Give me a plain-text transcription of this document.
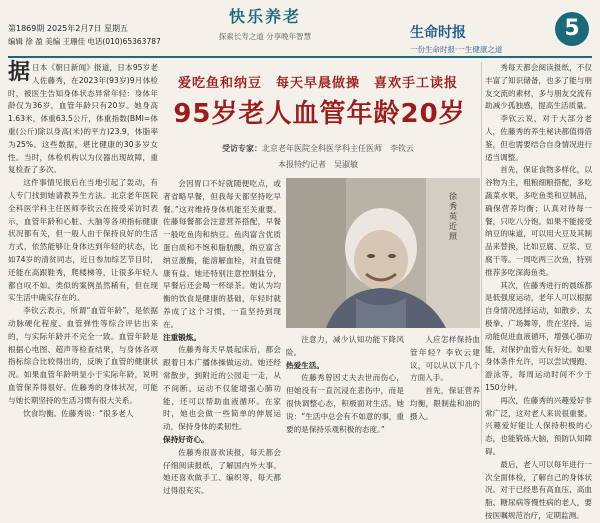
第1869期 2025年2月7日 星期五
编辑 徐 盈 美编 王珊佳 电话(010)65363787
快乐养老
探索长寿之道 分享晚年智慧	生命时报
一份生命时报·一生健康之道
5

据日本《朝日新闻》报道，日本95岁老人佐藤秀，在2023年(93岁)9月体检时，被医生告知身体状态异常年轻：身体年龄仅为36岁，血管年龄只有20岁。她身高1.63米，体重63.5公斤，体重指数(BMI=体重(公斤)除以身高(米)的平方)23.9，体脂率为25%。这些数据，堪比健康的30多岁女性。当时，体检机构以为仪器出现故障，重复检查了多次。

这件事情见报后在当地引起了轰动，有人专门找到她请教养生方法。北京老年医院全科医学科主任医师李钦云在接受采访时表示，血管年龄和心脏、大脑等各项指标健康状况都有关，但一般人由于保持良好的生活方式，依然能够让身体达到年轻的状态，比如74岁的清贫同志，近日参加综艺节目时，还能在高跟鞋秀，爬楼梯等，让很多年轻人都自叹不如。类似的案例虽然稀有，但在现实生活中确实存在的。

李钦云表示，所谓“血管年龄”，是依据动脉硬化程度、血管弹性等综合评估出来的，与实际年龄并不完全一致。血管年龄是根据心电图、超声等检查结果，与身体各项指标综合比较得出的，反映了血管的健康状况。如果血管年龄明显小于实际年龄，说明血管保养得很好。佐藤秀的身体状况，可能与她长期坚持的生活习惯有很大关系。

饮食均衡。佐藤秀说：“很多老人

爱吃鱼和纳豆　每天早晨做操　喜欢手工读报
95岁老人血管年龄20岁
受访专家：北京老年医院全科医学科主任医师　李钦云
本报特约记者　吴淑敏

会因胃口不好就随便吃点，或者省略早餐，但我每天都坚持吃早餐。”这对维持身体机能至关重要。佐藤每餐都会注意营养搭配，早餐一般吃鱼肉和纳豆。鱼肉富含优质蛋白质和不饱和脂肪酸，纳豆富含纳豆激酶，能溶解血栓，对血管健康有益。她还特别注意控制盐分，早餐后还会喝一杯绿茶。她认为均衡的饮食是健康的基础，年轻时就养成了这个习惯，一直坚持到现在。

注重锻炼。

佐藤秀每天早晨起床后，都会跟着日本广播体操做运动。她还经常散步，到附近的公园走一走，从不间断。运动不仅能增强心肺功能，还可以帮助血液循环。在家时，她也会做一些简单的伸展运动，保持身体的柔韧性。

保持好奇心。

佐藤秀很喜欢读报，每天都会仔细阅读报纸，了解国内外大事。她还喜欢做手工、编织等，每天都过得很充实。

徐秀英近照

注意力，减少认知功能下降风险。

热爱生活。

佐藤秀曾因丈夫去世而伤心，但她没有一直沉浸在悲伤中，而是很快调整心态，积极面对生活。她说：“生活中总会有不如意的事，重要的是保持乐观积极的态度。”

人应怎样保持血管年轻？李钦云建议，可以从以下几个方面入手。

首先，保证营养均衡，限制盐和油的摄入。

秀每天都会阅读报纸，不仅丰富了知识储备，也多了能与朋友交流的素材，多与朋友交流有助减少孤独感，提高生活质量。

李钦云说，对于大部分老人，佐藤秀的养生秘诀都值得借鉴，但也需要结合自身情况进行适当调整。

首先，保证食物多样化，以谷物为主，粗粮细粮搭配，多吃蔬菜水果，多吃鱼类和豆制品，确保营养均衡；认真对待每一餐，只吃八分饱。如果不能接受纳豆的味道，可以用大豆及其制品来替换，比如豆腐、豆浆、豆腐干等。一周吃两三次鱼，特别推荐多吃深海鱼类。

其次，佐藤秀进行的晨练都是低强度运动，老年人可以根据自身情况选择运动，如散步、太极拳、广场舞等，贵在坚持。运动能促进血液循环，增强心肺功能，对保护血管大有好处。如果身体条件允许，可以尝试慢跑、游泳等，每周运动时间不少于150分钟。

再次，佐藤秀的兴趣爱好非常广泛，这对老人来说很重要。兴趣爱好能让人保持积极的心态，也能锻炼大脑，预防认知障碍。

最后，老人可以每年进行一次全面体检，了解自己的身体状况。对于已经患有高血压、高血脂、糖尿病等慢性病的老人，要按医嘱规范治疗，定期监测。
